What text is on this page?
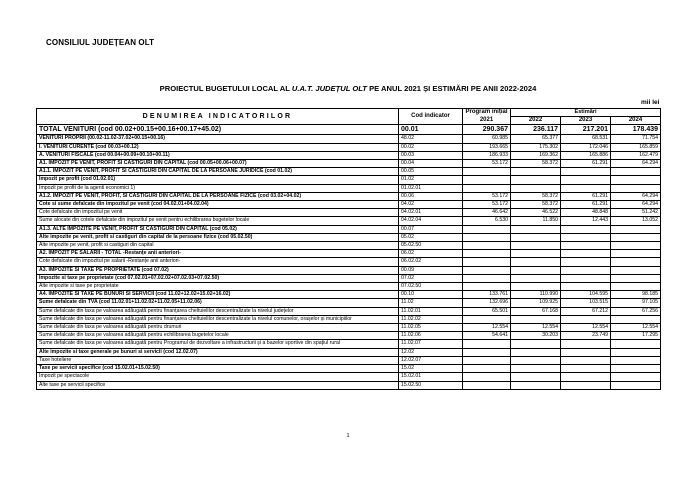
CONSILIUL JUDEȚEAN OLT
PROIECTUL BUGETULUI LOCAL AL U.A.T. JUDEȚUL OLT PE ANUL 2021 ȘI ESTIMĂRI PE ANII 2022-2024
mii lei
DENUMIREA INDICATORILOR	Cod indicator	Program inițial 2021	Estimări		
			2022	2023	2024
TOTAL VENITURI (cod 00.02+00.15+00.16+00.17+45.02)	00.01	290.367	236.117	217.201	178.439
VENITURI PROPRII (00.02-11.02-37.02+00.15+00.16)	48.02	60.985	65.377	68.531	71.754
I. VENITURI CURENTE (cod 00.03+00.12)	00.02	193.665	175.302	172.046	165.859
A. VENITURI FISCALE (cod 00.04+00.09+00.10+00.11)	00.03	186.933	169.362	165.886	162.479
A1. IMPOZIT PE VENIT, PROFIT SI CASTIGURI DIN CAPITAL (cod 00.05+00.06+00.07)	00.04	53.172	58.372	61.291	64.294
A1.1. IMPOZIT PE VENIT, PROFIT SI CASTIGURI DIN CAPITAL DE LA PERSOANE JURIDICE (cod 01.02)	00.05				
Impozit pe profit (cod 01.02.01)	01.02				
Impozit pe profit de la agenti economici 1)	01.02.01				
A1.2. IMPOZIT PE VENIT, PROFIT, SI CASTIGURI DIN CAPITAL DE LA PERSOANE FIZICE (cod 03.02+04.02)	00.06	53.172	58.372	61.291	64.294
Cote si sume defalcate din impozitul pe venit (cod 04.02.01+04.02.04)	04.02	53.172	58.372	61.291	64.294
Cote defalcate din impozitul pe venit	04.02.01	46.642	46.522	48.848	51.242
Sume alocate din cotele defalcate din impozitul pe venit pentru echilibrarea bugetelor locale	04.02.04	6.530	11.850	12.443	13.052
A1.3. ALTE IMPOZITE PE VENIT, PROFIT SI CASTIGURI DIN CAPITAL (cod 05.02)	00.07				
Alte impozite pe venit, profit si castiguri din capital de la persoane fizice (cod 05.02.50)	05.02				
Alte impozite pe venit, profit si castiguri din capital	05.02.50				
A2. IMPOZIT PE SALARII - TOTAL -Restanțe anii anteriori-	06.02				
Cote defalcate din impozitul pe salarii -Restanțe anii anteriori-	06.02.02				
A3. IMPOZITE SI TAXE PE PROPRIETATE (cod 07.02)	00.09				
Impozite si taxe pe proprietate (cod 07.02.01+07.02.02+07.02.03+07.02.50)	07.02				
Alte impozite si taxe pe proprietate	07.02.50				
A4. IMPOZITE SI TAXE PE BUNURI SI SERVICII (cod 11.02+12.02+15.02+16.02)	00.10	133.761	110.990	104.595	98.185
Sume defalcate din TVA (cod 11.02.01+11.02.02+11.02.05+11.02.06)	11.02	132.696	109.925	103.515	97.105
Sume defalcate din taxa pe valoarea adăugată pentru finanțarea cheltuielilor descentralizate la nivelul județelor	11.02.01	65.501	67.168	67.212	67.256
Sume defalcate din taxa pe valoarea adăugată pentru finanțarea cheltuielilor descentralizate la nivelul comunelor, orașelor și municipiilor	11.02.02				
Sume defalcate din taxa pe valoarea adăugată pentru drumuri	11.02.05	12.554	12.554	12.554	12.554
Sume defalcate din taxa pe valoarea adăugată pentru echilibrarea bugetelor locale	11.02.06	54.641	30.203	23.749	17.295
Sume defalcate din taxa pe valoarea adăugată pentru Programul de dezvoltare a infrastructurii și a bazelor sportive din spațiul rural	11.02.07				
Alte impozite si taxe generale pe bunuri si servicii (cod 12.02.07)	12.02				
Taxe hoteliere	12.02.07				
Taxe pe servicii specifice (cod 15.02.01+15.02.50)	15.02				
Impozit pe spectacole	15.02.01				
Alte taxe pe servicii specifice	15.02.50				
1
